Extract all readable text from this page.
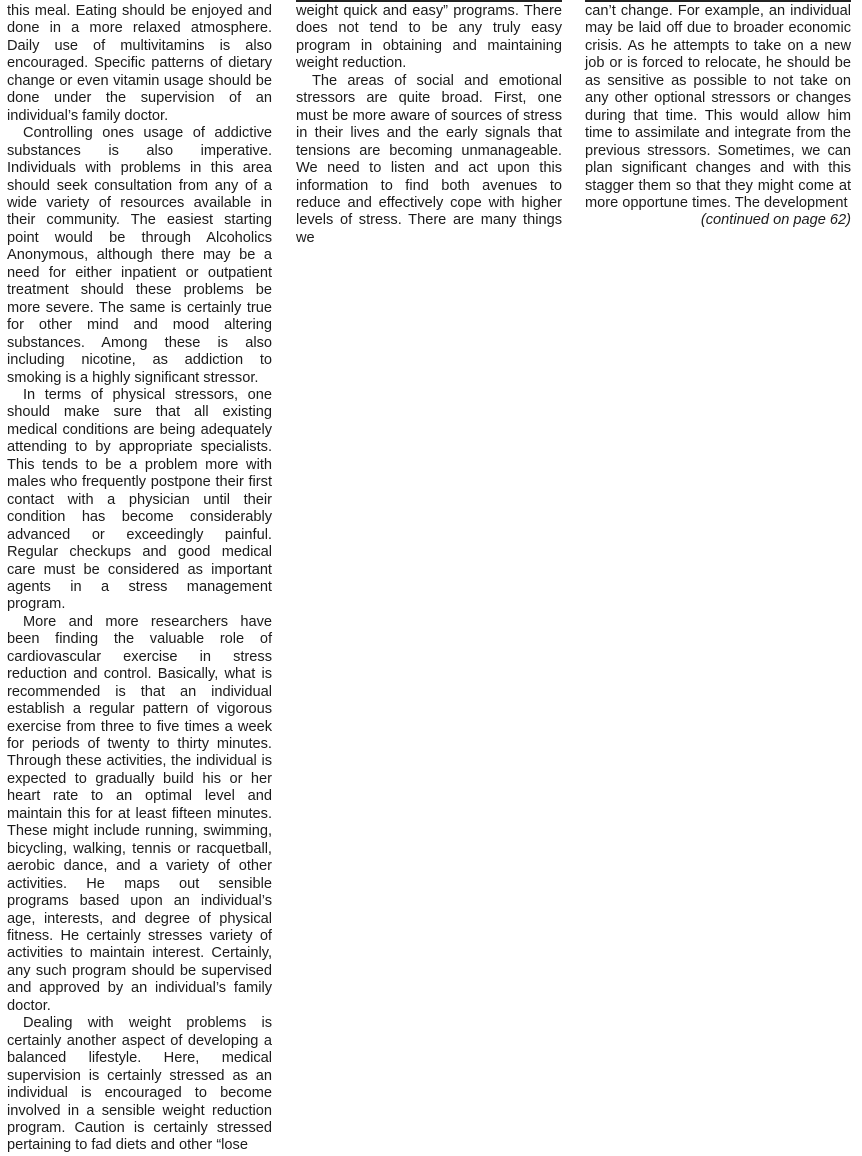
this meal. Eating should be enjoyed and done in a more relaxed atmosphere. Daily use of multivitamins is also encouraged. Specific patterns of dietary change or even vitamin usage should be done under the supervision of an individual’s family doctor.

Controlling ones usage of addictive substances is also imperative. Individuals with problems in this area should seek consultation from any of a wide variety of resources available in their community. The easiest starting point would be through Alcoholics Anonymous, although there may be a need for either inpatient or outpatient treatment should these problems be more severe. The same is certainly true for other mind and mood altering substances. Among these is also including nicotine, as addiction to smoking is a highly significant stressor.

In terms of physical stressors, one should make sure that all existing medical conditions are being adequately attending to by appropriate specialists. This tends to be a problem more with males who frequently postpone their first contact with a physician until their condition has become considerably advanced or exceedingly painful. Regular checkups and good medical care must be considered as important agents in a stress management program.

More and more researchers have been finding the valuable role of cardiovascular exercise in stress reduction and control. Basically, what is recommended is that an individual establish a regular pattern of vigorous exercise from three to five times a week for periods of twenty to thirty minutes. Through these activities, the individual is expected to gradually build his or her heart rate to an optimal level and maintain this for at least fifteen minutes. These might include running, swimming, bicycling, walking, tennis or racquetball, aerobic dance, and a variety of other activities. He maps out sensible programs based upon an individual’s age, interests, and degree of physical fitness. He certainly stresses variety of activities to maintain interest. Certainly, any such program should be supervised and approved by an individual’s family doctor.

Dealing with weight problems is certainly another aspect of developing a balanced lifestyle. Here, medical supervision is certainly stressed as an individual is encouraged to become involved in a sensible weight reduction program. Caution is certainly stressed pertaining to fad diets and other “lose

weight quick and easy” programs. There does not tend to be any truly easy program in obtaining and maintaining weight reduction.

The areas of social and emotional stressors are quite broad. First, one must be more aware of sources of stress in their lives and the early signals that tensions are becoming unmanageable. We need to listen and act upon this information to find both avenues to reduce and effectively cope with higher levels of stress. There are many things we

can’t change. For example, an individual may be laid off due to broader economic crisis. As he attempts to take on a new job or is forced to relocate, he should be as sensitive as possible to not take on any other optional stressors or changes during that time. This would allow him time to assimilate and integrate from the previous stressors. Sometimes, we can plan significant changes and with this stagger them so that they might come at more opportune times. The development

(continued on page 62)
